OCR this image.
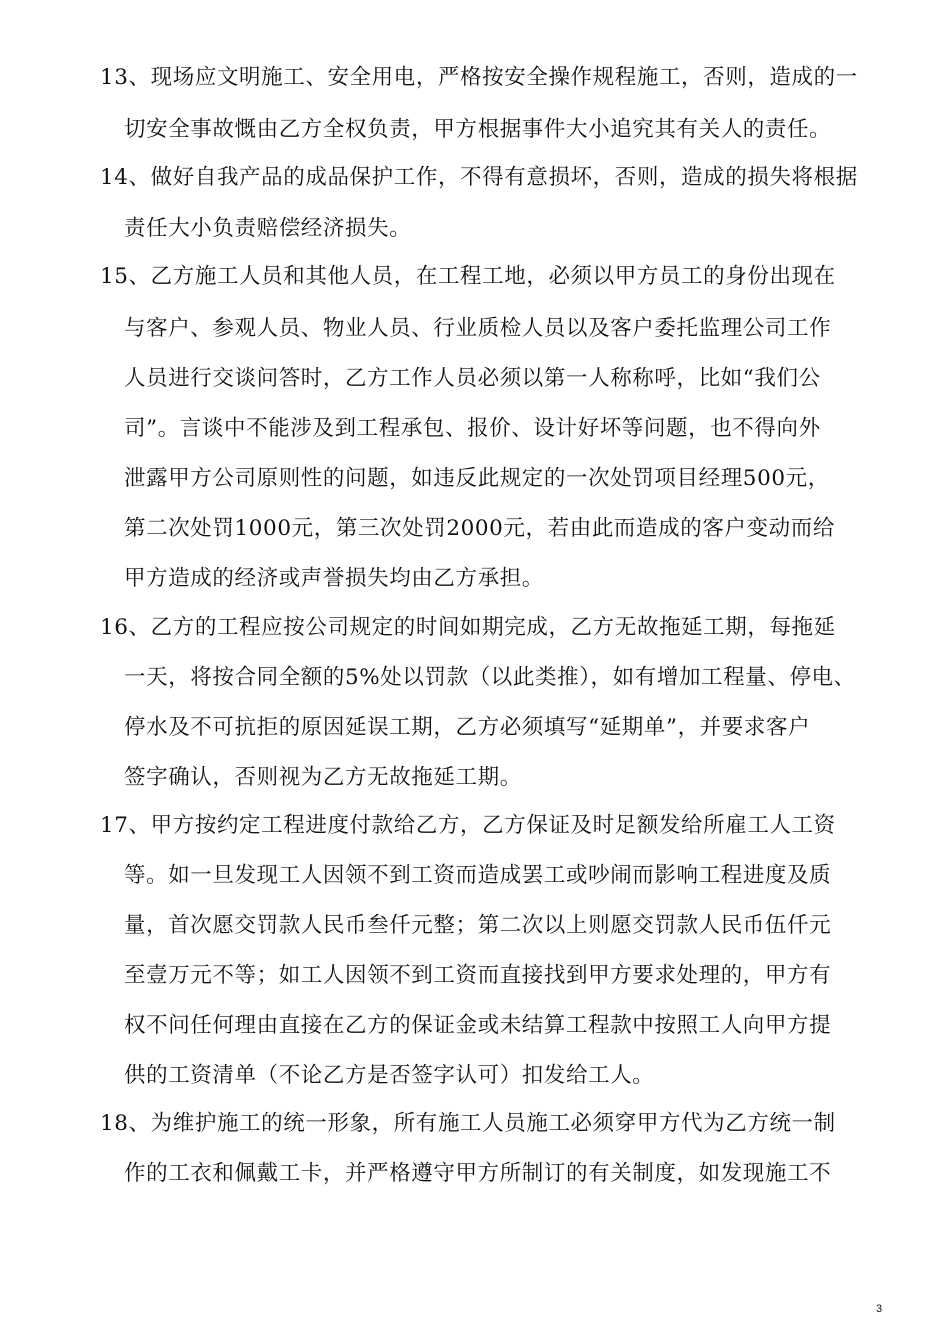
13、现场应文明施工、安全用电，严格按安全操作规程施工，否则，造成的一
切安全事故慨由乙方全权负责，甲方根据事件大小追究其有关人的责任。
14、做好自我产品的成品保护工作，不得有意损坏，否则，造成的损失将根据
责任大小负责赔偿经济损失。
15、乙方施工人员和其他人员，在工程工地，必须以甲方员工的身份出现在
与客户、参观人员、物业人员、行业质检人员以及客户委托监理公司工作
人员进行交谈问答时，乙方工作人员必须以第一人称称呼，比如“我们公
司”。言谈中不能涉及到工程承包、报价、设计好坏等问题，也不得向外
泄露甲方公司原则性的问题，如违反此规定的一次处罚项目经理500元，
第二次处罚1000元，第三次处罚2000元，若由此而造成的客户变动而给
甲方造成的经济或声誉损失均由乙方承担。
16、乙方的工程应按公司规定的时间如期完成，乙方无故拖延工期，每拖延
一天，将按合同全额的5%处以罚款（以此类推），如有增加工程量、停电、
停水及不可抗拒的原因延误工期，乙方必须填写“延期单”，并要求客户
签字确认，否则视为乙方无故拖延工期。
17、甲方按约定工程进度付款给乙方，乙方保证及时足额发给所雇工人工资
等。如一旦发现工人因领不到工资而造成罢工或吵闹而影响工程进度及质
量，首次愿交罚款人民币叁仟元整；第二次以上则愿交罚款人民币伍仟元
至壹万元不等；如工人因领不到工资而直接找到甲方要求处理的，甲方有
权不问任何理由直接在乙方的保证金或未结算工程款中按照工人向甲方提
供的工资清单（不论乙方是否签字认可）扣发给工人。
18、为维护施工的统一形象，所有施工人员施工必须穿甲方代为乙方统一制
作的工衣和佩戴工卡，并严格遵守甲方所制订的有关制度，如发现施工不
3
